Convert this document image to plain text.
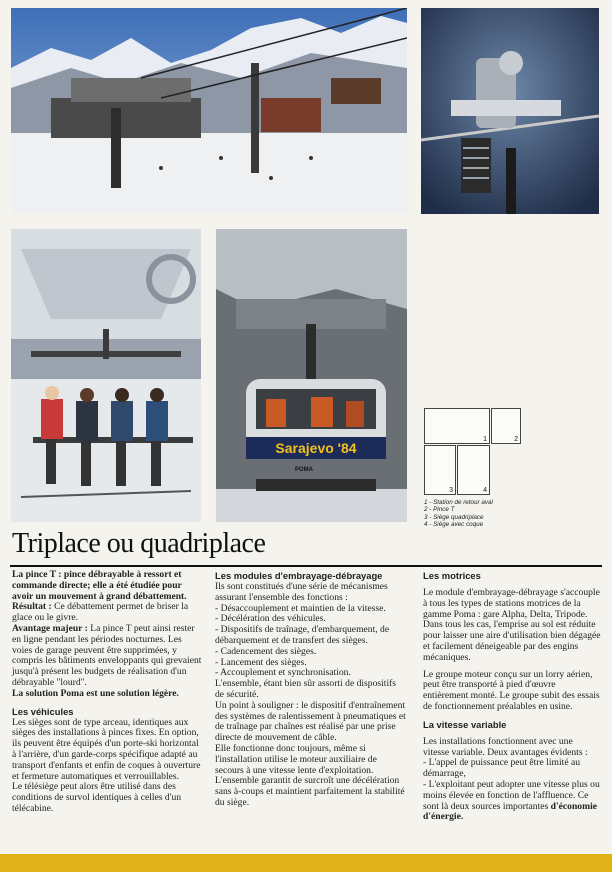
Sarajevo '84
POMA
1	2
3	4
1 - Station de retour aval
2 - Pince T
3 - Siège quadriplace
4 - Siège avec coque
Triplace ou quadriplace

La pince T : pince débrayable à ressort et commande directe; elle a été étudiée pour avoir un mouvement à grand débattement.

Résultat : Ce débattement permet de briser la glace ou le givre.

Avantage majeur : La pince T peut ainsi rester en ligne pendant les périodes nocturnes. Les voies de garage peuvent être supprimées, y compris les bâtiments enveloppants qui grevaient jusqu'à présent les budgets de réalisation d'un débrayable "lourd".

La solution Poma est une solution légère.

Les véhicules

Les sièges sont de type arceau, identiques aux sièges des installations à pinces fixes. En option, ils peuvent être équipés d'un porte-ski horizontal à l'arrière, d'un garde-corps spécifique adapté au transport d'enfants et enfin de coques à ouverture et fermeture automatiques et verrouillables.

Le télésiège peut alors être utilisé dans des conditions de survol identiques à celles d'un télécabine.

Les modules d'embrayage-débrayage

Ils sont constitués d'une série de mécanismes assurant l'ensemble des fonctions :

- Désaccouplement et maintien de la vitesse.

- Décélération des véhicules.

- Dispositifs de traînage, d'embarquement, de débarquement et de transfert des sièges.

- Cadencement des sièges.

- Lancement des sièges.

- Accouplement et synchronisation.

L'ensemble, étant bien sûr assorti de dispositifs de sécurité.

Un point à souligner : le dispositif d'entraînement des systèmes de ralentissement à pneumatiques et de traînage par chaînes est réalisé par une prise directe de mouvement de câble.

Elle fonctionne donc toujours, même si l'installation utilise le moteur auxiliaire de secours à une vitesse lente d'exploitation.

L'ensemble garantit de surcroît une décélération sans à-coups et maintient parfaitement la stabilité du siège.

Les motrices

Le module d'embrayage-débrayage s'accouple à tous les types de stations motrices de la gamme Poma : gare Alpha, Delta, Tripode. Dans tous les cas, l'emprise au sol est réduite pour laisser une aire d'utilisation bien dégagée et facilement déneigeable par des engins mécaniques.

Le groupe moteur conçu sur un lorry aérien, peut être transporté à pied d'œuvre entièrement monté. Le groupe subit des essais de fonctionnement préalables en usine.

La vitesse variable

Les installations fonctionnent avec une vitesse variable. Deux avantages évidents :

- L'appel de puissance peut être limité au démarrage,

- L'exploitant peut adopter une vitesse plus ou moins élevée en fonction de l'affluence. Ce sont là deux sources importantes d'économie d'énergie.
